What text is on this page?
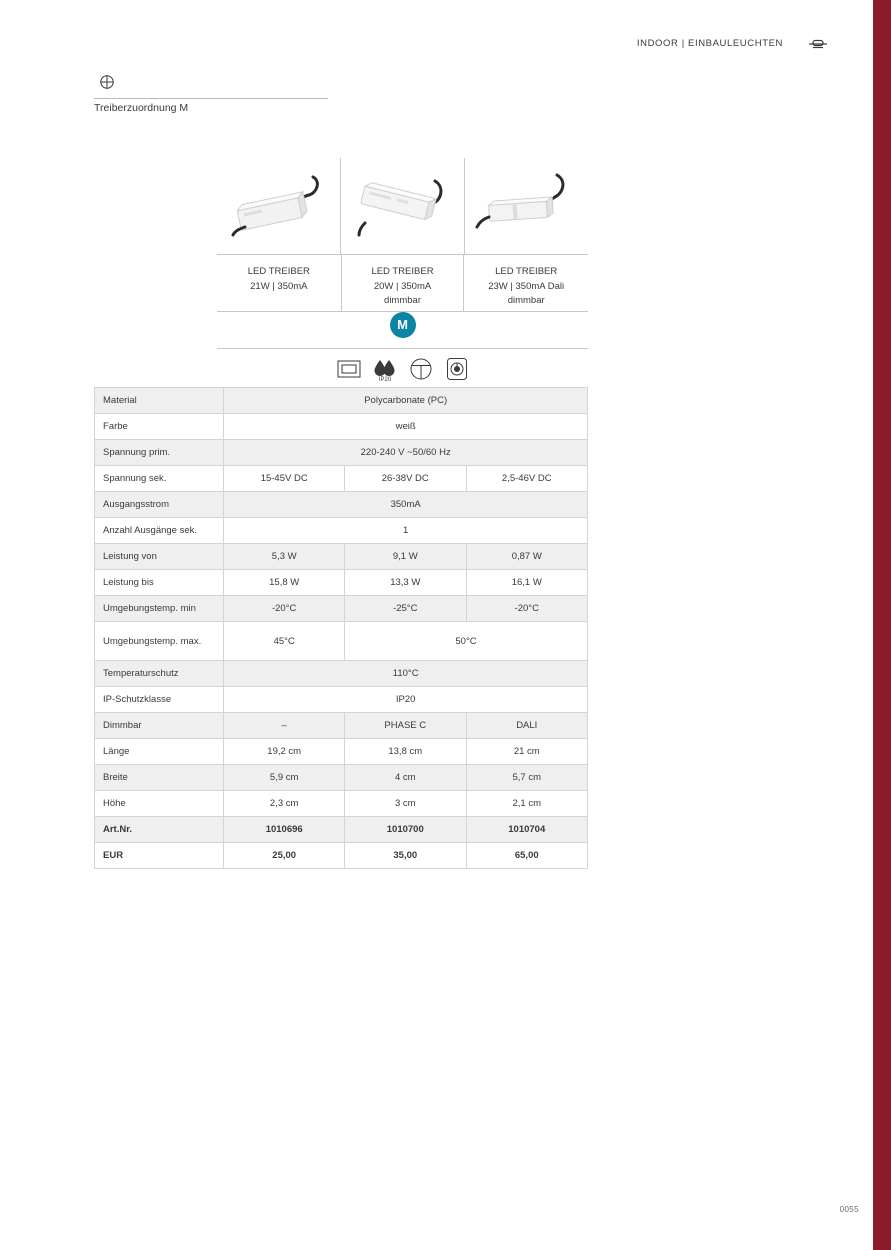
INDOOR | EINBAULEUCHTEN
Treiberzuordnung M
LED TREIBER
21W | 350mA
LED TREIBER
20W | 350mA
dimmbar
LED TREIBER
23W | 350mA Dali
dimmbar
M
IP20
Material	Polycarbonate (PC)		
Farbe	weiß		
Spannung prim.	220-240 V ~50/60 Hz		
Spannung sek.	15-45V DC	26-38V DC	2,5-46V DC
Ausgangsstrom	350mA		
Anzahl Ausgänge sek.	1		
Leistung von	5,3 W	9,1 W	0,87 W
Leistung bis	15,8 W	13,3 W	16,1 W
Umgebungstemp. min	-20°C	-25°C	-20°C
Umgebungstemp. max.	45°C	50°C	
Temperaturschutz	110°C		
IP-Schutzklasse	IP20		
Dimmbar	–	PHASE C	DALI
Länge	19,2 cm	13,8 cm	21 cm
Breite	5,9 cm	4 cm	5,7 cm
Höhe	2,3 cm	3 cm	2,1 cm
Art.Nr.	1010696	1010700	1010704
EUR	25,00	35,00	65,00
0055
